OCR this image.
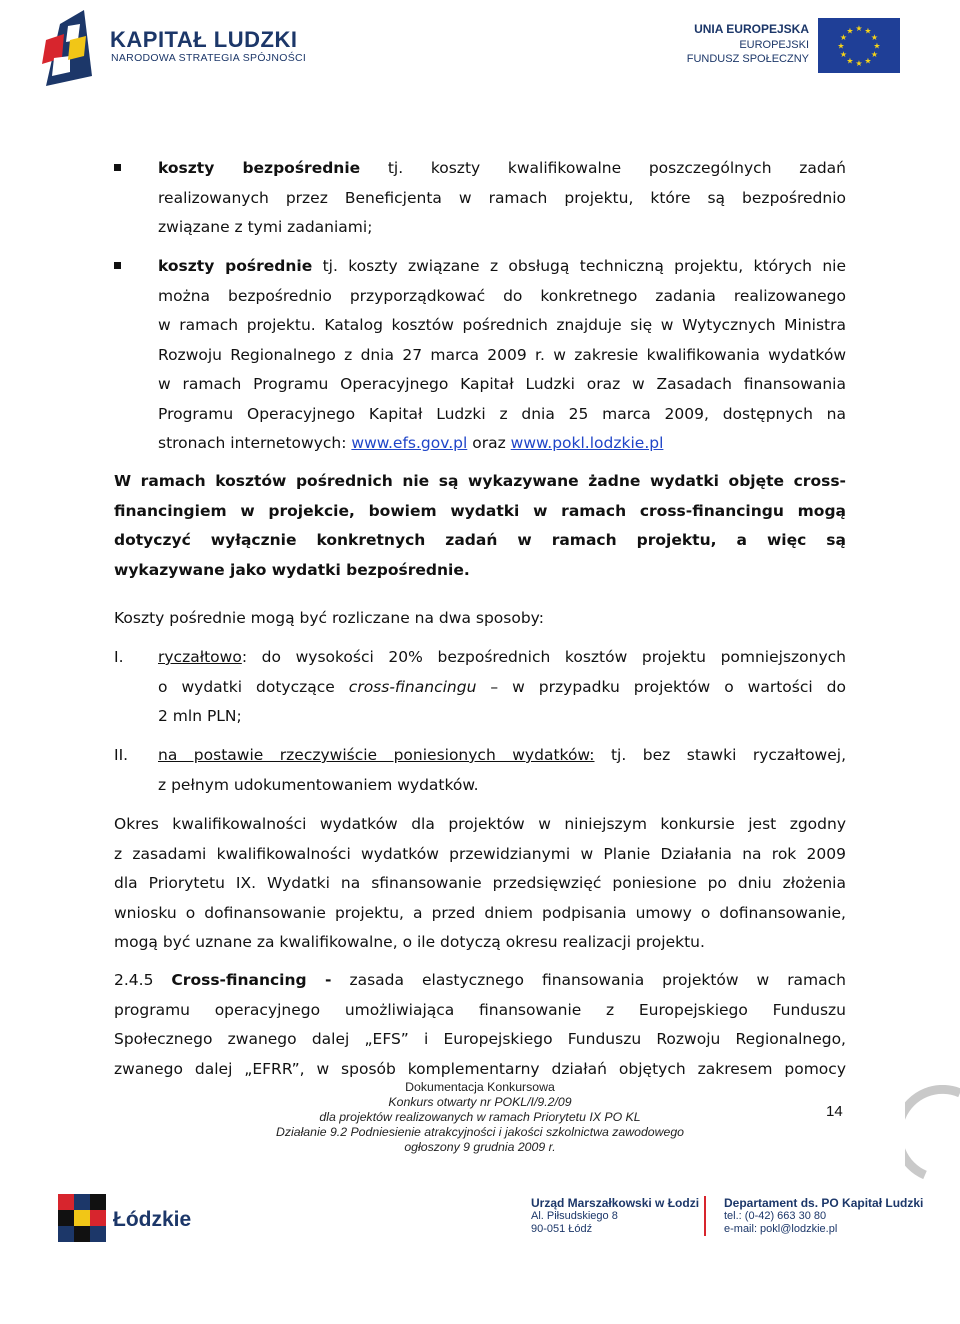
KAPITAŁ LUDZKI
NARODOWA STRATEGIA SPÓJNOŚCI
UNIA EUROPEJSKA
EUROPEJSKI
FUNDUSZ SPOŁECZNY
★ ★
★
★
★
★
★
★
★
★
★
★
koszty bezpośrednie tj. koszty kwalifikowalne poszczególnych zadań
realizowanych przez Beneficjenta w ramach projektu, które są bezpośrednio
związane z tymi zadaniami;
koszty pośrednie tj. koszty związane z obsługą techniczną projektu, których nie
można bezpośrednio przyporządkować do konkretnego zadania realizowanego
w ramach projektu. Katalog kosztów pośrednich znajduje się w Wytycznych Ministra
Rozwoju Regionalnego z dnia 27 marca 2009 r. w zakresie kwalifikowania wydatków
w ramach Programu Operacyjnego Kapitał Ludzki oraz w Zasadach finansowania
Programu Operacyjnego Kapitał Ludzki z dnia 25 marca 2009, dostępnych na
stronach internetowych: www.efs.gov.pl oraz www.pokl.lodzkie.pl
W ramach kosztów pośrednich nie są wykazywane żadne wydatki objęte cross-
financingiem w projekcie, bowiem wydatki w ramach cross-financingu mogą
dotyczyć wyłącznie konkretnych zadań w ramach projektu, a więc są
wykazywane jako wydatki bezpośrednie.
Koszty pośrednie mogą być rozliczane na dwa sposoby:
I. ryczałtowo: do wysokości 20% bezpośrednich kosztów projektu pomniejszonych
o wydatki dotyczące cross-financingu – w przypadku projektów o wartości do
2 mln PLN;
II. na postawie rzeczywiście poniesionych wydatków: tj. bez stawki ryczałtowej,
z pełnym udokumentowaniem wydatków.
Okres kwalifikowalności wydatków dla projektów w niniejszym konkursie jest zgodny
z zasadami kwalifikowalności wydatków przewidzianymi w Planie Działania na rok 2009
dla Priorytetu IX. Wydatki na sfinansowanie przedsięwzięć poniesione po dniu złożenia
wniosku o dofinansowanie projektu, a przed dniem podpisania umowy o dofinansowanie,
mogą być uznane za kwalifikowalne, o ile dotyczą okresu realizacji projektu.
2.4.5 Cross-financing - zasada elastycznego finansowania projektów w ramach
programu operacyjnego umożliwiająca finansowanie z Europejskiego Funduszu
Społecznego zwanego dalej „EFS” i Europejskiego Funduszu Rozwoju Regionalnego,
zwanego dalej „EFRR”, w sposób komplementarny działań objętych zakresem pomocy
Dokumentacja Konkursowa
Konkurs otwarty nr POKL/I/9.2/09
dla projektów realizowanych w ramach Priorytetu IX PO KL
Działanie 9.2 Podniesienie atrakcyjności i jakości szkolnictwa zawodowego
ogłoszony 9 grudnia 2009 r.
14
Łódzkie
Urząd Marszałkowski w Łodzi
Al. Piłsudskiego 8
90-051 Łódź
Departament ds. PO Kapitał Ludzki
tel.: (0-42) 663 30 80
e-mail: pokl@lodzkie.pl
